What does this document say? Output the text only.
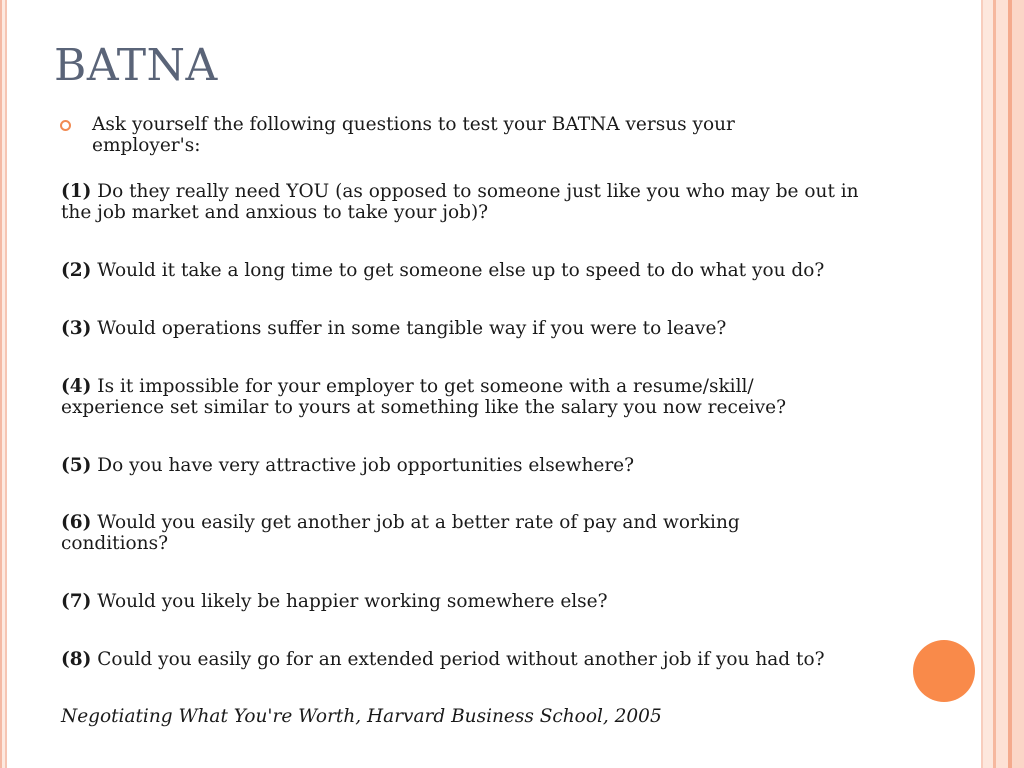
BATNA
Ask yourself the following questions to test your BATNA versus your employer's:
(1) Do they really need YOU (as opposed to someone just like you who may be out in the job market and anxious to take your job)?
(2) Would it take a long time to get someone else up to speed to do what you do?
(3) Would operations suffer in some tangible way if you were to leave?
(4) Is it impossible for your employer to get someone with a resume/skill/ experience set similar to yours at something like the salary you now receive?
(5) Do you have very attractive job opportunities elsewhere?
(6) Would you easily get another job at a better rate of pay and working conditions?
(7) Would you likely be happier working somewhere else?
(8) Could you easily go for an extended period without another job if you had to?
Negotiating What You're Worth, Harvard Business School, 2005
